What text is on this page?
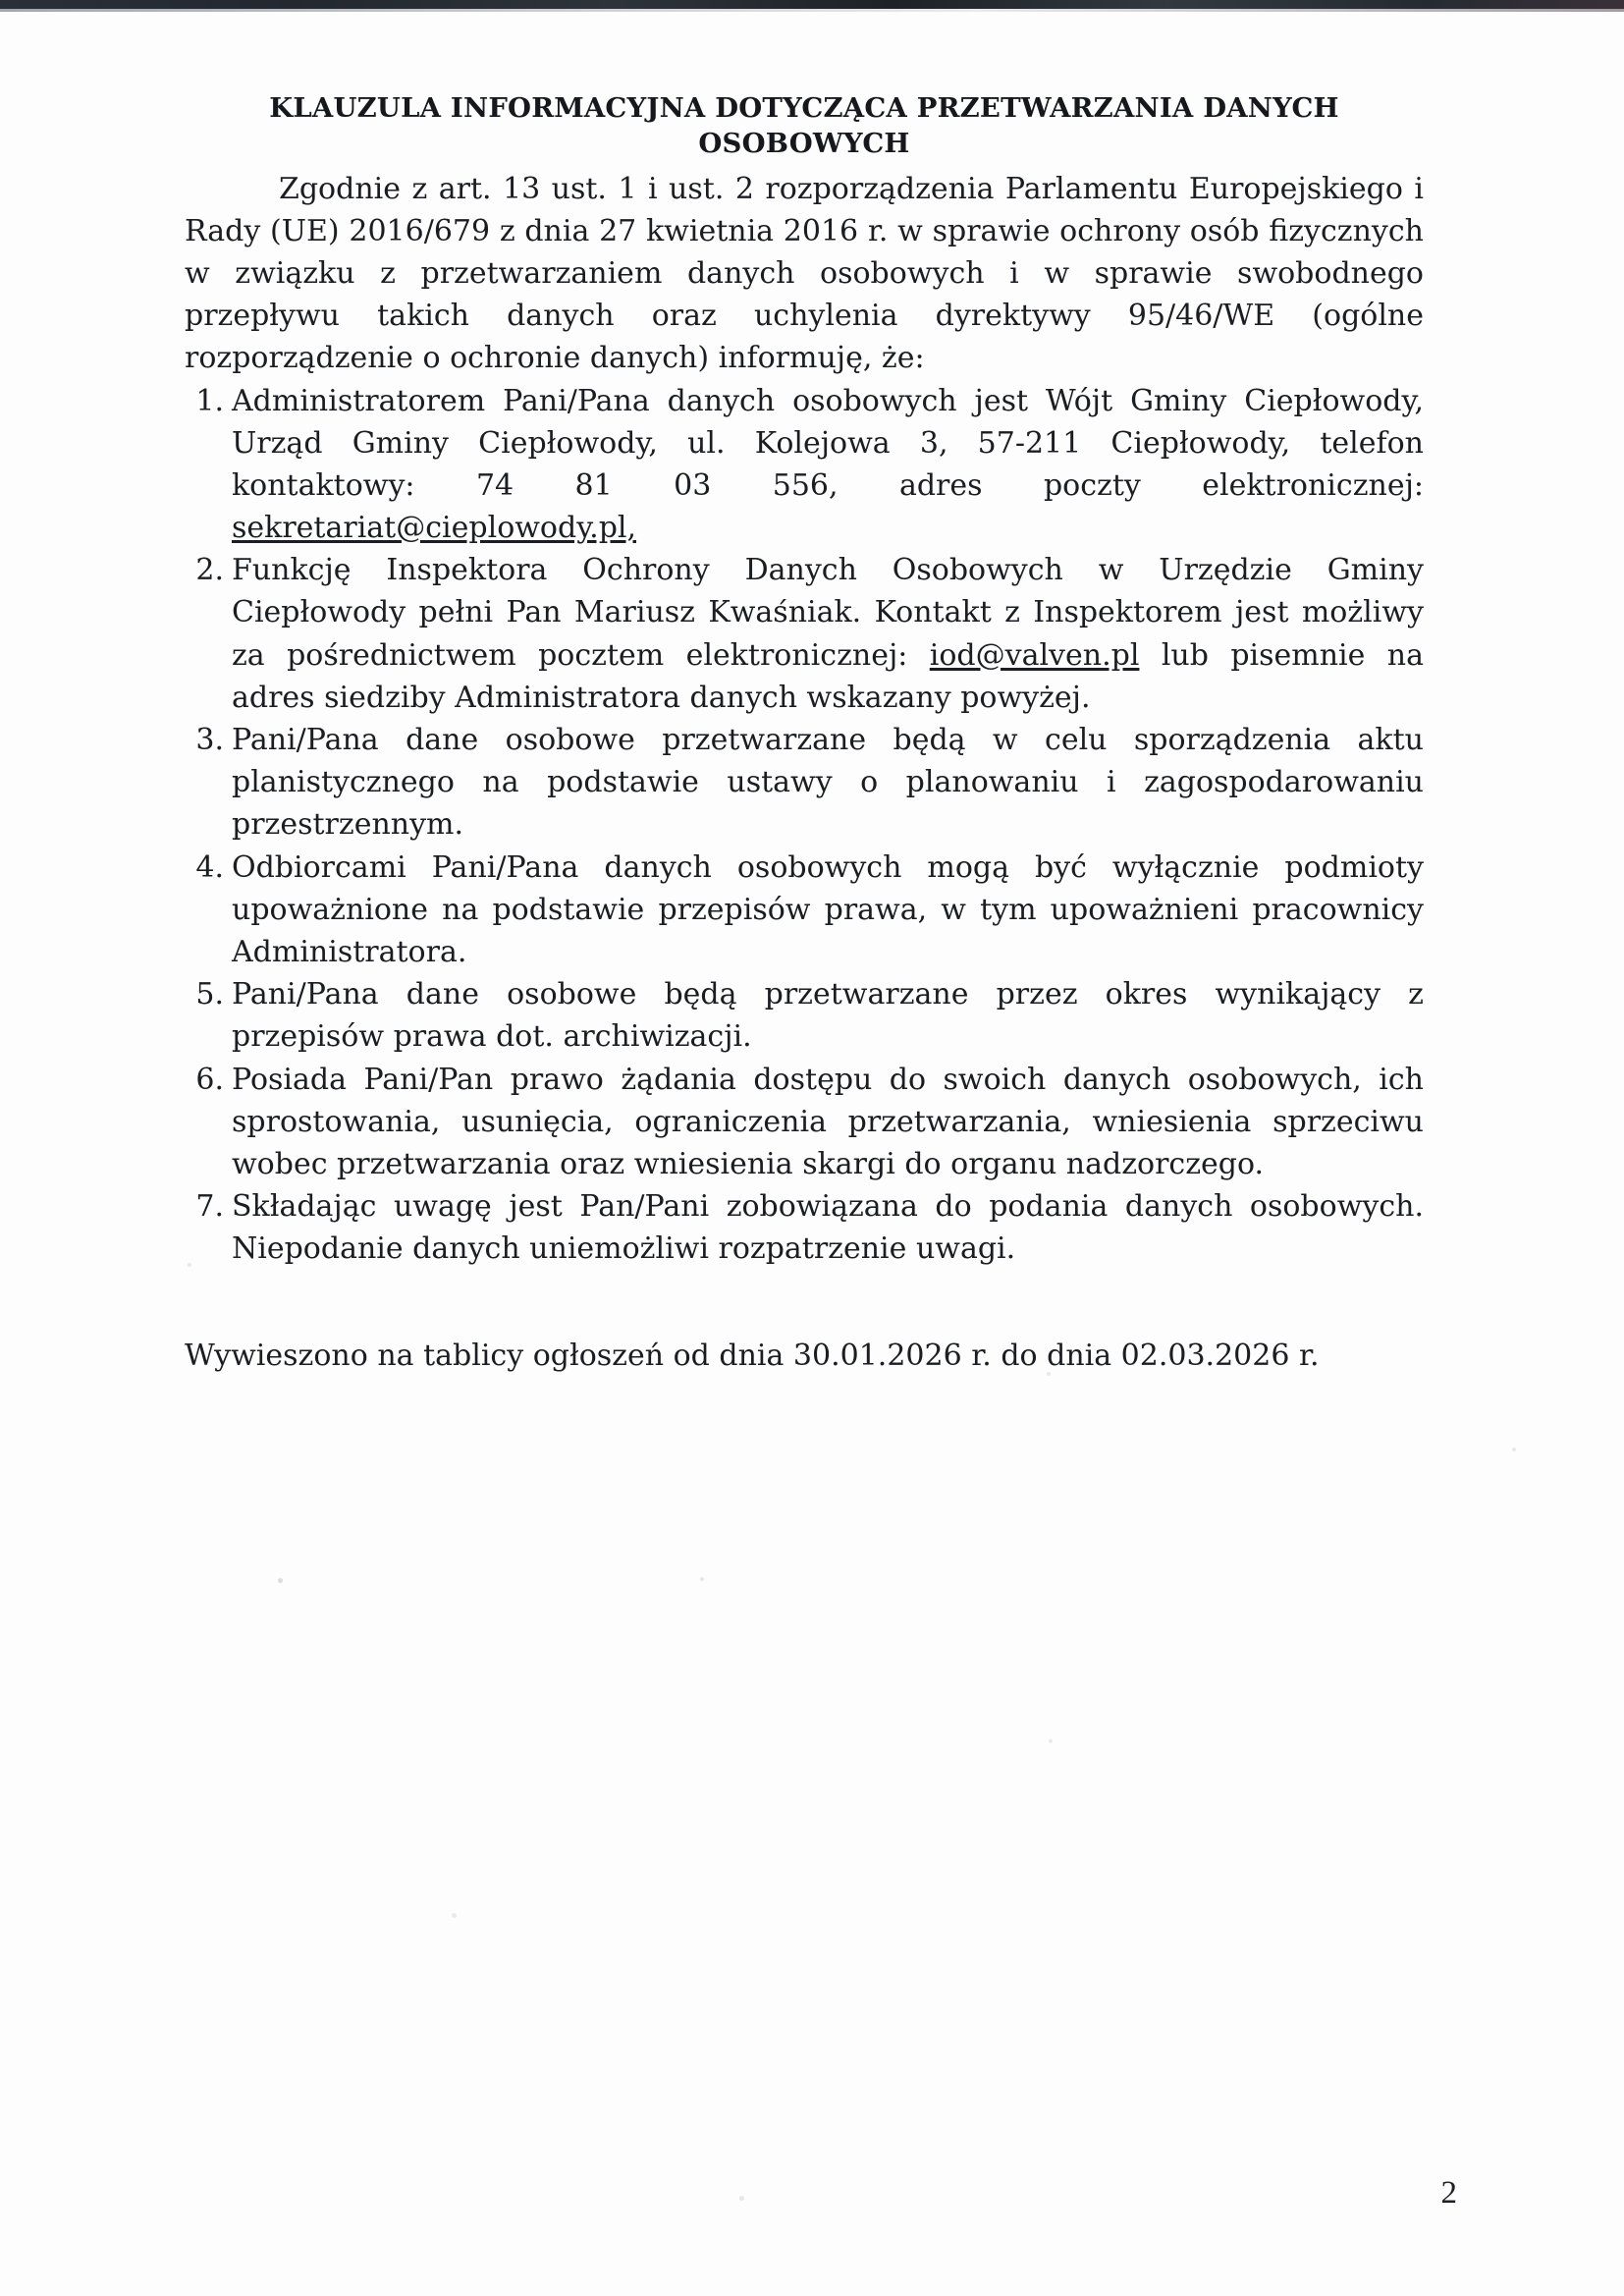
KLAUZULA INFORMACYJNA DOTYCZĄCA PRZETWARZANIA DANYCH
OSOBOWYCH

Zgodnie z art. 13 ust. 1 i ust. 2 rozporządzenia Parlamentu Europejskiego i Rady (UE) 2016/679 z dnia 27 kwietnia 2016 r. w sprawie ochrony osób fizycznych w związku z przetwarzaniem danych osobowych i w sprawie swobodnego przepływu takich danych oraz uchylenia dyrektywy 95/46/WE (ogólne rozporządzenie o ochronie danych) informuję, że:

Administratorem Pani/Pana danych osobowych jest Wójt Gminy Ciepłowody, Urząd Gminy Ciepłowody, ul. Kolejowa 3, 57-211 Ciepłowody, telefon kontaktowy: 74 81 03 556, adres poczty elektronicznej: sekretariat@cieplowody.pl,
Funkcję Inspektora Ochrony Danych Osobowych w Urzędzie Gminy Ciepłowody pełni Pan Mariusz Kwaśniak. Kontakt z Inspektorem jest możliwy za pośrednictwem pocztem elektronicznej: iod@valven.pl lub pisemnie na adres siedziby Administratora danych wskazany powyżej.
Pani/Pana dane osobowe przetwarzane będą w celu sporządzenia aktu planistycznego na podstawie ustawy o planowaniu i zagospodarowaniu przestrzennym.
Odbiorcami Pani/Pana danych osobowych mogą być wyłącznie podmioty upoważnione na podstawie przepisów prawa, w tym upoważnieni pracownicy Administratora.
Pani/Pana dane osobowe będą przetwarzane przez okres wynikający z przepisów prawa dot. archiwizacji.
Posiada Pani/Pan prawo żądania dostępu do swoich danych osobowych, ich sprostowania, usunięcia, ograniczenia przetwarzania, wniesienia sprzeciwu wobec przetwarzania oraz wniesienia skargi do organu nadzorczego.
Składając uwagę jest Pan/Pani zobowiązana do podania danych osobowych. Niepodanie danych uniemożliwi rozpatrzenie uwagi.

Wywieszono na tablicy ogłoszeń od dnia 30.01.2026 r. do dnia 02.03.2026 r.

2
